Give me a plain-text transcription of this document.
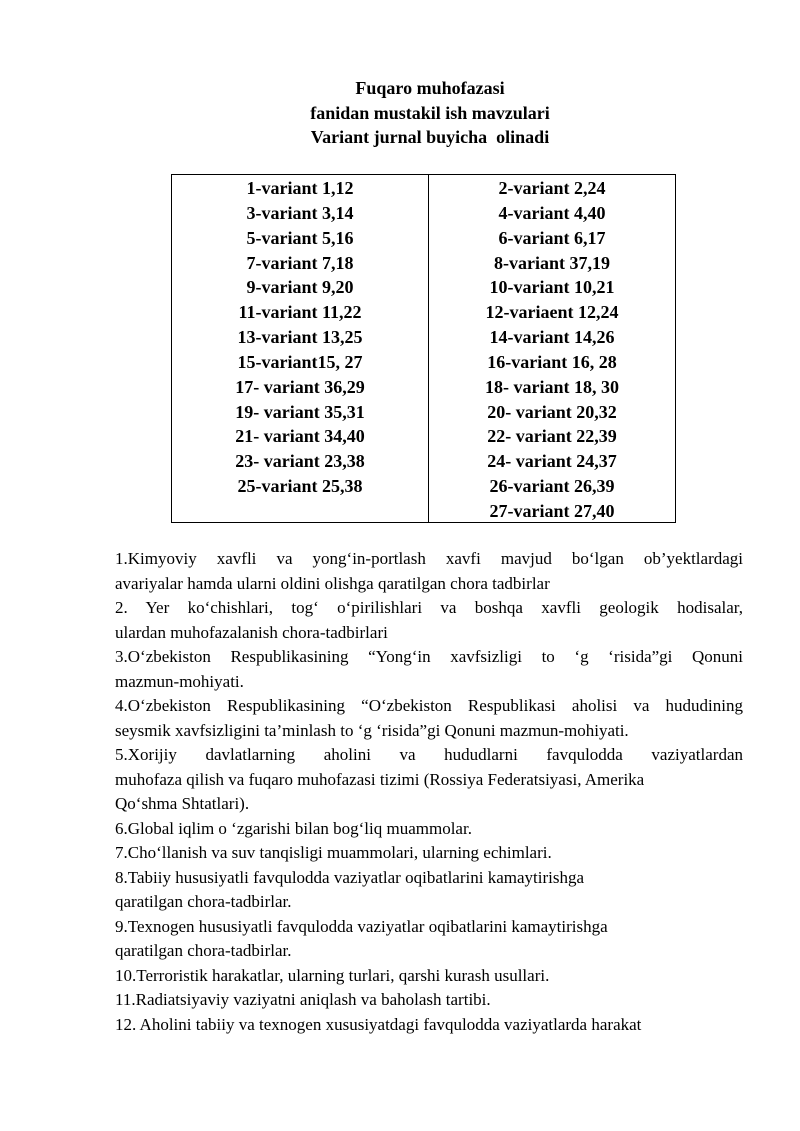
Fuqaro muhofazasi
fanidan mustakil ish mavzulari
Variant jurnal buyicha  olinadi
1-variant 1,12
3-variant 3,14
5-variant 5,16
7-variant 7,18
9-variant 9,20
11-variant 11,22
13-variant 13,25
15-variant15, 27
17- variant 36,29
19- variant 35,31
21- variant 34,40
23- variant 23,38
25-variant 25,38
2-variant 2,24
4-variant 4,40
6-variant 6,17
8-variant 37,19
10-variant 10,21
12-variaent 12,24
14-variant 14,26
16-variant 16, 28
18- variant 18, 30
20- variant 20,32
22- variant 22,39
24- variant 24,37
26-variant 26,39
27-variant 27,40

1.Kimyoviy xavfli va yong‘in-portlash xavfi mavjud bo‘lgan ob’yektlardagi
avariyalar hamda ularni oldini olishga qaratilgan chora tadbirlar

2. Yer ko‘chishlari, tog‘ o‘pirilishlari va boshqa xavfli geologik hodisalar,
ulardan muhofazalanish chora-tadbirlari

3.O‘zbekiston Respublikasining “Yong‘in xavfsizligi to ‘g ‘risida”gi Qonuni
mazmun-mohiyati.

4.O‘zbekiston Respublikasining “O‘zbekiston Respublikasi aholisi va hududining
seysmik xavfsizligini ta’minlash to ‘g ‘risida”gi Qonuni mazmun-mohiyati.

5.Xorijiy davlatlarning aholini va hududlarni favqulodda vaziyatlardan
muhofaza qilish va fuqaro muhofazasi tizimi (Rossiya Federatsiyasi, Amerika
Qo‘shma Shtatlari).

6.Global iqlim o ‘zgarishi bilan bog‘liq muammolar.

7.Cho‘llanish va suv tanqisligi muammolari, ularning echimlari.

8.Tabiiy hususiyatli favqulodda vaziyatlar oqibatlarini kamaytirishga
qaratilgan chora-tadbirlar.

9.Texnogen hususiyatli favqulodda vaziyatlar oqibatlarini kamaytirishga
qaratilgan chora-tadbirlar.

10.Terroristik harakatlar, ularning turlari, qarshi kurash usullari.

11.Radiatsiyaviy vaziyatni aniqlash va baholash tartibi.

12. Aholini tabiiy va texnogen xususiyatdagi favqulodda vaziyatlarda harakat
